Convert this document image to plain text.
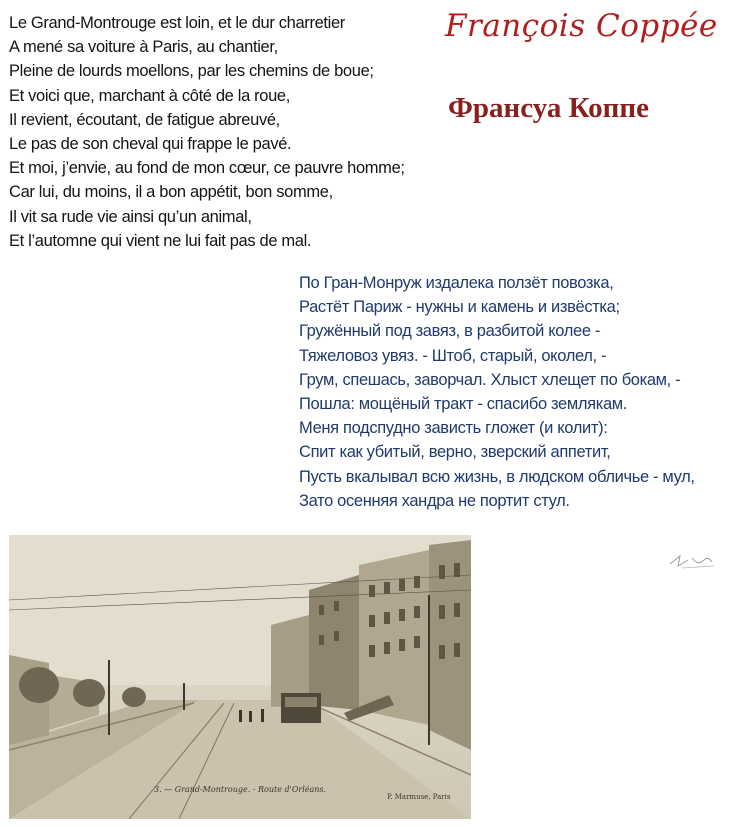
Le Grand-Montrouge est loin, et le dur charretier
A mené sa voiture à Paris, au chantier,
Pleine de lourds moellons, par les chemins de boue;
Et voici que, marchant à côté de la roue,
Il revient, écoutant, de fatigue abreuvé,
Le pas de son cheval qui frappe le pavé.
Et moi, j’envie, au fond de mon cœur, ce pauvre homme;
Car lui, du moins, il a bon appétit, bon somme,
Il vit sa rude vie ainsi qu’un animal,
Et l’automne qui vient ne lui fait pas de mal.
François Coppée
Франсуа Коппе
По Гран-Монруж издалека ползёт повозка,
Растёт Париж - нужны и камень и извёстка;
Гружённый под завяз, в разбитой колее -
Тяжеловоз увяз. - Штоб, старый, околел, -
Грум, спешась, заворчал. Хлыст хлещет по бокам, -
Пошла: мощёный тракт - спасибо землякам.
Меня подспудно зависть гложет (и колит):
Спит как убитый, верно, зверский аппетит,
Пусть вкалывал всю жизнь, в людском обличье - мул,
Зато осенняя хандра не портит стул.
3. — Grand-Montrouge. - Route d'Orléans.
P. Marmuse, Paris
